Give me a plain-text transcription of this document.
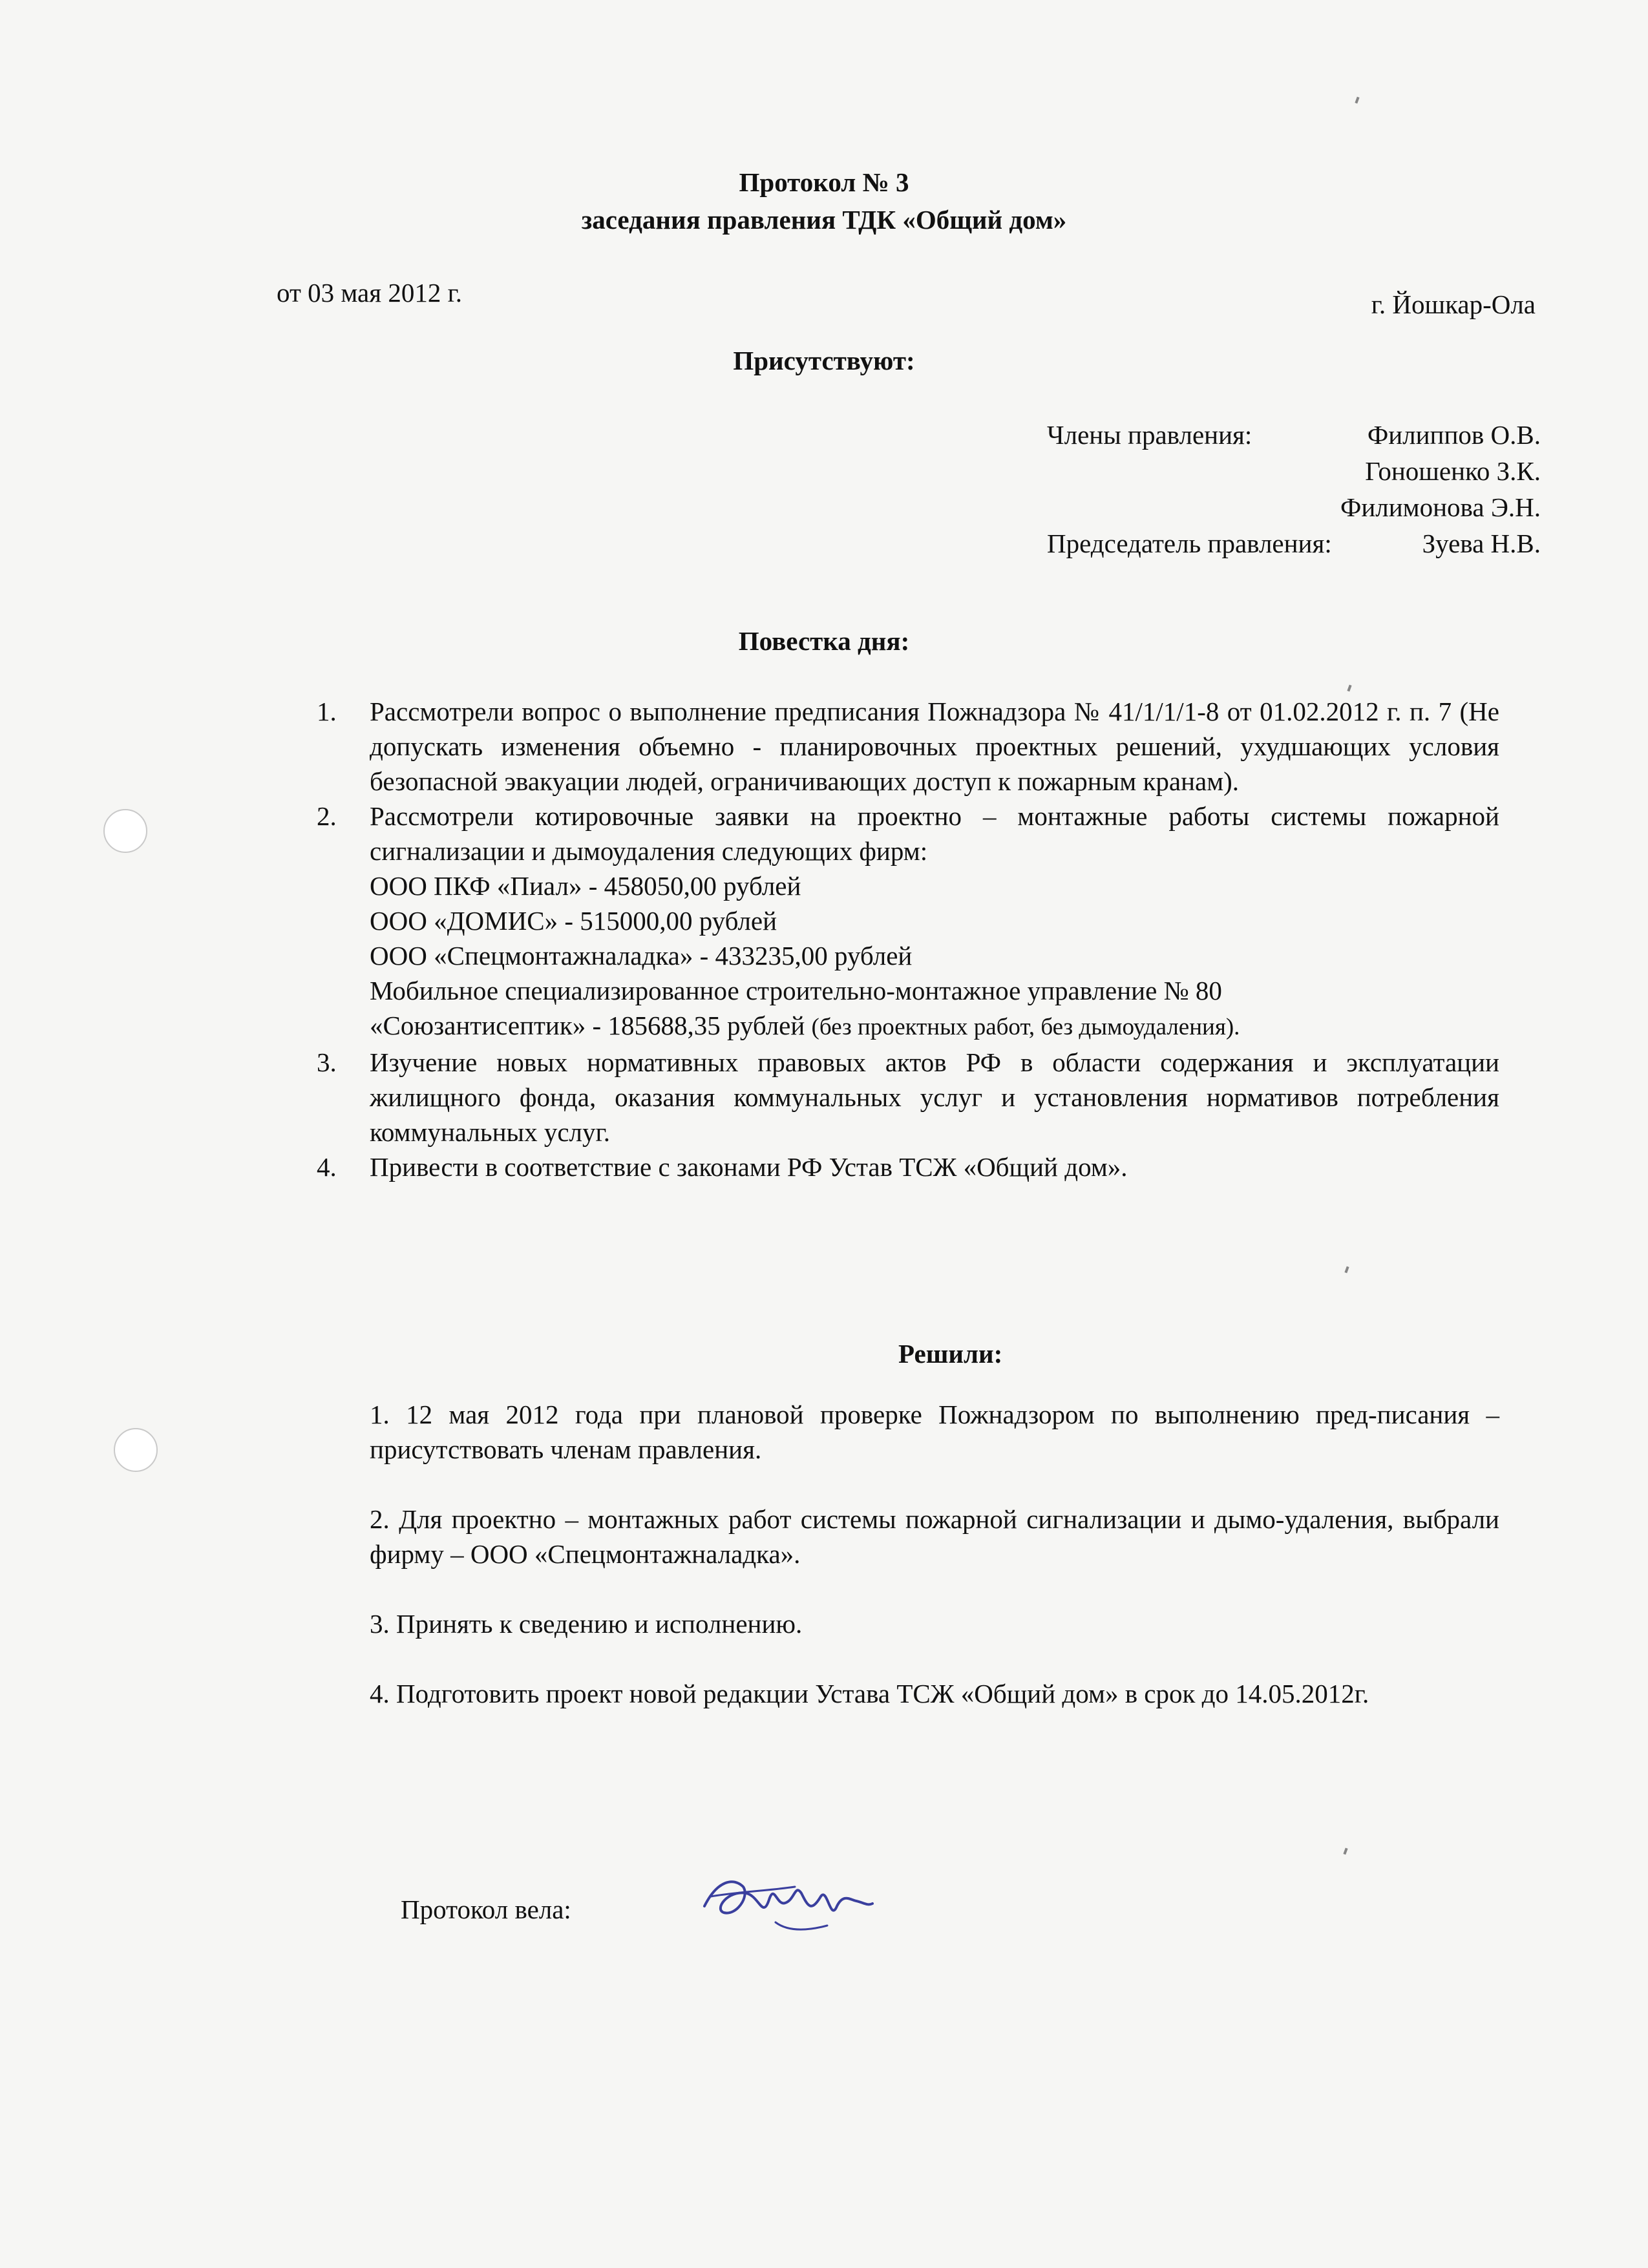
Протокол № 3
заседания правления ТДК «Общий дом»
от 03 мая 2012 г.	г. Йошкар-Ола
Присутствуют:
Члены правления:	Филиппов О.В.
Гоношенко З.К.
Филимонова Э.Н.
Председатель правления:	Зуева Н.В.
Повестка дня:
1. Рассмотрели вопрос о выполнение предписания Пожнадзора № 41/1/1/1-8 от 01.02.2012 г. п. 7 (Не допускать изменения объемно - планировочных проектных решений, ухудшающих условия безопасной эвакуации людей, ограничивающих доступ к пожарным кранам).
2. Рассмотрели котировочные заявки на проектно – монтажные работы системы пожарной сигнализации и дымоудаления следующих фирм:
ООО ПКФ «Пиал» - 458050,00 рублей
ООО «ДОМИС» - 515000,00 рублей
ООО «Спецмонтажналадка» - 433235,00 рублей
Мобильное специализированное строительно-монтажное управление № 80
«Союзантисептик» - 185688,35 рублей (без проектных работ, без дымоудаления).
3. Изучение новых нормативных правовых актов РФ в области содержания и эксплуатации жилищного фонда, оказания коммунальных услуг и установления нормативов потребления коммунальных услуг.
4. Привести в соответствие с законами РФ Устав ТСЖ «Общий дом».
Решили:
1. 12 мая 2012 года при плановой проверке Пожнадзором по выполнению пред-писания – присутствовать членам правления.
2. Для проектно – монтажных работ системы пожарной сигнализации и дымо-удаления, выбрали фирму – ООО «Спецмонтажналадка».
3. Принять к сведению и исполнению.
4. Подготовить проект новой редакции Устава ТСЖ «Общий дом» в срок до 14.05.2012г.
Протокол вела:
